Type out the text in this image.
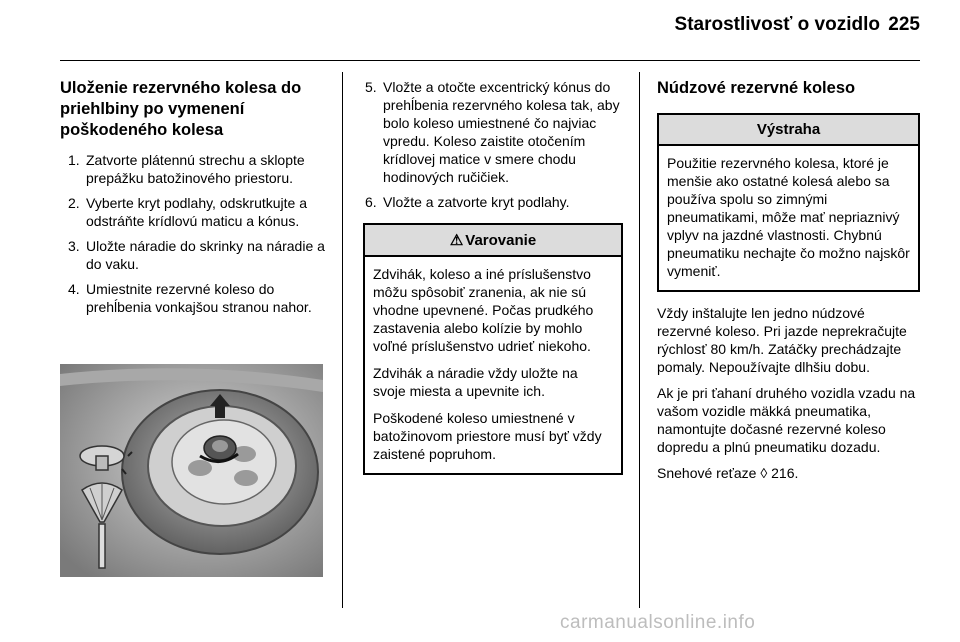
Starostlivosť o vozidlo 225
Uloženie rezervného kolesa do priehlbiny po vymenení poškodeného kolesa
1. Zatvorte plátennú strechu a sklopte prepážku batožinového priestoru.
2. Vyberte kryt podlahy, odskrutkujte a odstráňte krídlovú maticu a kónus.
3. Uložte náradie do skrinky na náradie a do vaku.
4. Umiestnite rezervné koleso do prehĺbenia vonkajšou stranou nahor.
5. Vložte a otočte excentrický kónus do prehĺbenia rezervného kolesa tak, aby bolo koleso umiestnené čo najviac vpredu. Koleso zaistite otočením krídlovej matice v smere chodu hodinových ručičiek.
6. Vložte a zatvorte kryt podlahy.
⚠ Varovanie

Zdvihák, koleso a iné príslušenstvo môžu spôsobiť zranenia, ak nie sú vhodne upevnené. Počas prudkého zastavenia alebo kolízie by mohlo voľné príslušenstvo udrieť niekoho.

Zdvihák a náradie vždy uložte na svoje miesta a upevnite ich.

Poškodené koleso umiestnené v batožinovom priestore musí byť vždy zaistené popruhom.

Núdzové rezervné koleso
Výstraha

Použitie rezervného kolesa, ktoré je menšie ako ostatné kolesá alebo sa používa spolu so zimnými pneumatikami, môže mať nepriaznivý vplyv na jazdné vlastnosti. Chybnú pneumatiku nechajte čo možno najskôr vymeniť.

Vždy inštalujte len jedno núdzové rezervné koleso. Pri jazde neprekračujte rýchlosť 80 km/h. Zatáčky prechádzajte pomaly. Nepoužívajte dlhšiu dobu.

Ak je pri ťahaní druhého vozidla vzadu na vašom vozidle mäkká pneumatika, namontujte dočasné rezervné koleso dopredu a plnú pneumatiku dozadu.

Snehové reťaze ◊ 216.

carmanualsonline.info
